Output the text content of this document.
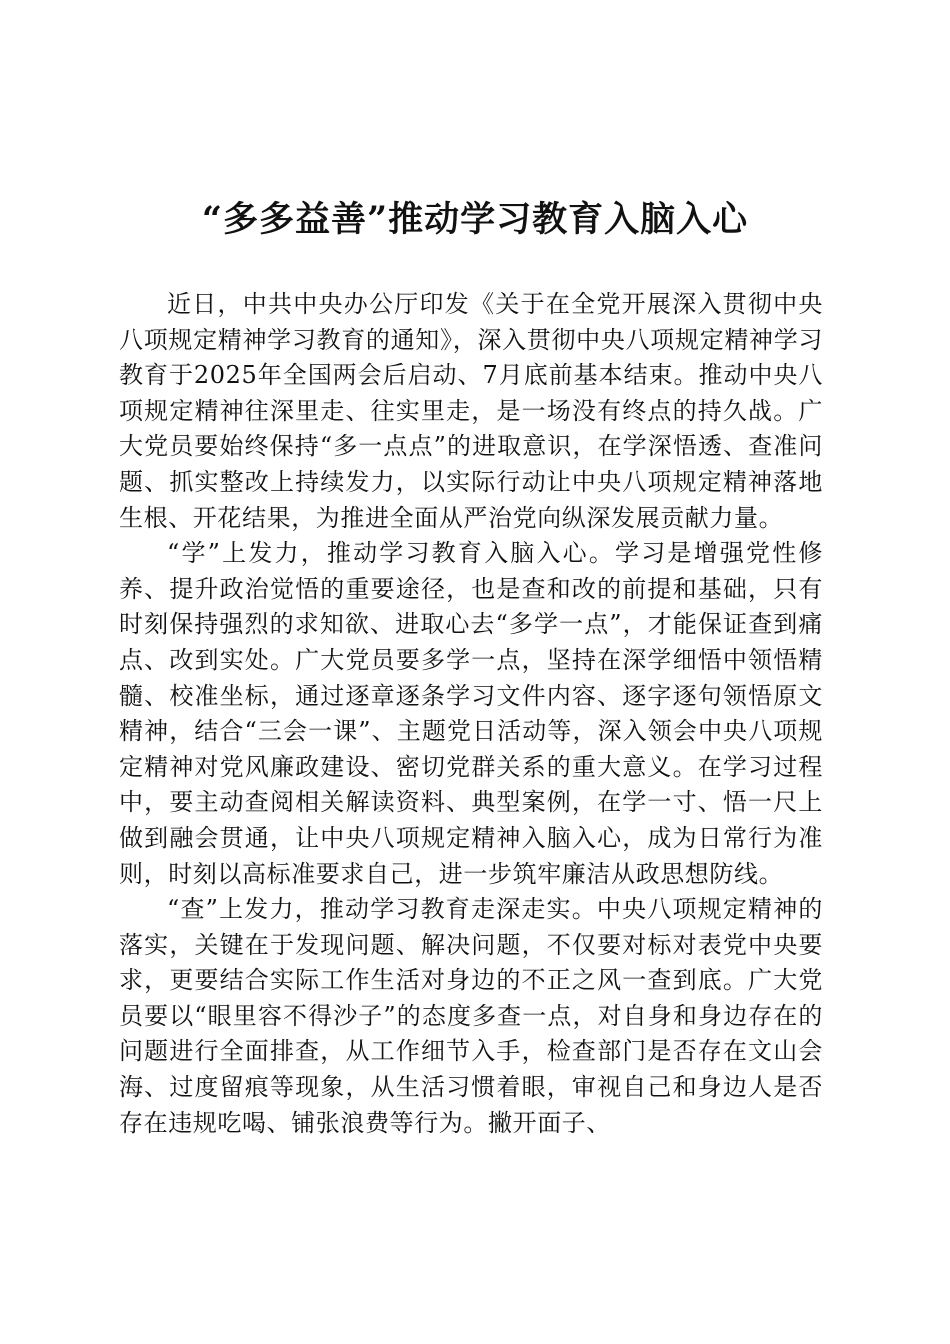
“多多益善”推动学习教育入脑入心

近日，中共中央办公厅印发《关于在全党开展深入贯彻中央八项规定精神学习教育的通知》，深入贯彻中央八项规定精神学习教育于2025年全国两会后启动、7月底前基本结束。推动中央八项规定精神往深里走、往实里走，是一场没有终点的持久战。广大党员要始终保持“多一点点”的进取意识，在学深悟透、查准问题、抓实整改上持续发力，以实际行动让中央八项规定精神落地生根、开花结果，为推进全面从严治党向纵深发展贡献力量。

“学”上发力，推动学习教育入脑入心。学习是增强党性修养、提升政治觉悟的重要途径，也是查和改的前提和基础，只有时刻保持强烈的求知欲、进取心去“多学一点”，才能保证查到痛点、改到实处。广大党员要多学一点，坚持在深学细悟中领悟精髓、校准坐标，通过逐章逐条学习文件内容、逐字逐句领悟原文精神，结合“三会一课”、主题党日活动等，深入领会中央八项规定精神对党风廉政建设、密切党群关系的重大意义。在学习过程中，要主动查阅相关解读资料、典型案例，在学一寸、悟一尺上做到融会贯通，让中央八项规定精神入脑入心，成为日常行为准则，时刻以高标准要求自己，进一步筑牢廉洁从政思想防线。

“查”上发力，推动学习教育走深走实。中央八项规定精神的落实，关键在于发现问题、解决问题，不仅要对标对表党中央要求，更要结合实际工作生活对身边的不正之风一查到底。广大党员要以“眼里容不得沙子”的态度多查一点，对自身和身边存在的问题进行全面排查，从工作细节入手，检查部门是否存在文山会海、过度留痕等现象，从生活习惯着眼，审视自己和身边人是否存在违规吃喝、铺张浪费等行为。撇开面子、
